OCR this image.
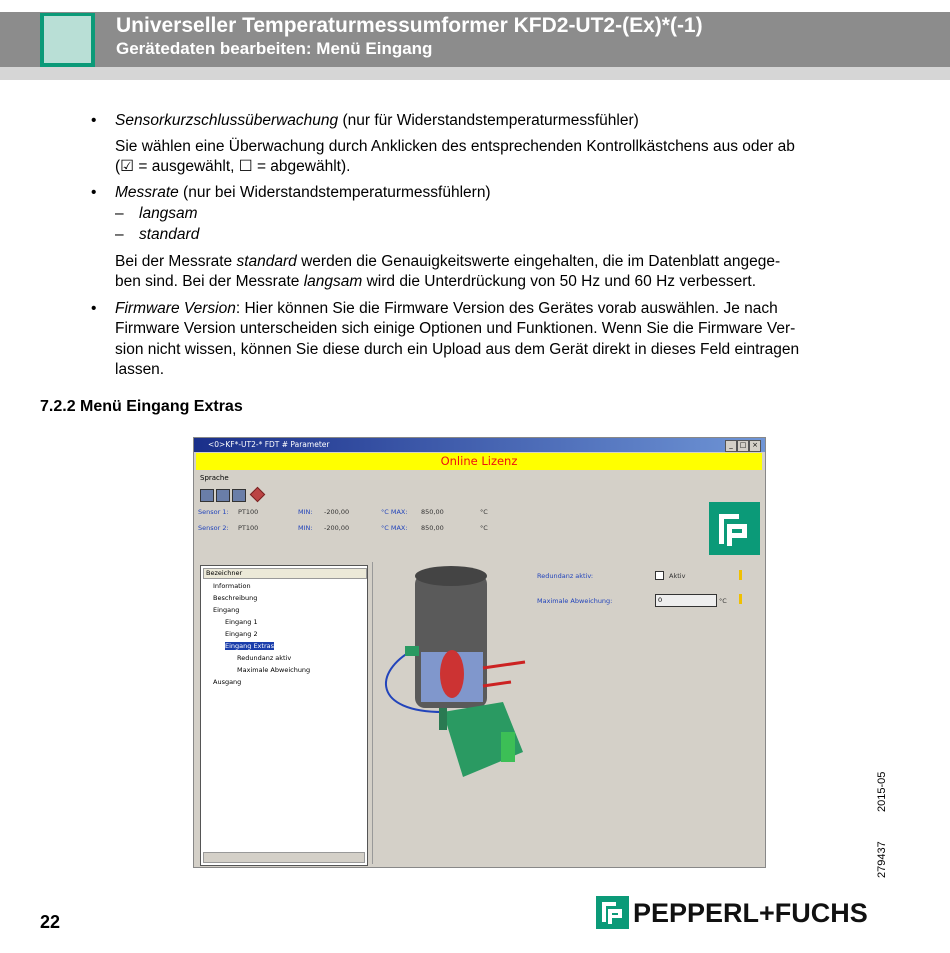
Universeller Temperaturmessumformer KFD2-UT2-(Ex)*(-1)
Gerätedaten bearbeiten: Menü Eingang
• Sensorkurzschlussüberwachung (nur für Widerstandstemperaturmessfühler)
Sie wählen eine Überwachung durch Anklicken des entsprechenden Kontrollkästchens aus oder ab
(☑ = ausgewählt, ☐ = abgewählt).
• Messrate (nur bei Widerstandstemperaturmessfühlern)
– langsam
– standard
Bei der Messrate standard werden die Genauigkeitswerte eingehalten, die im Datenblatt angege-
ben sind. Bei der Messrate langsam wird die Unterdrückung von 50 Hz und 60 Hz verbessert.
• Firmware Version: Hier können Sie die Firmware Version des Gerätes vorab auswählen. Je nach
Firmware Version unterscheiden sich einige Optionen und Funktionen. Wenn Sie die Firmware Ver-
sion nicht wissen, können Sie diese durch ein Upload aus dem Gerät direkt in dieses Feld eintragen
lassen.
7.2.2 Menü Eingang Extras
<0>KF*-UT2-* FDT # Parameter	_ □ ×
Online Lizenz
Sprache
Sensor 1: PT100	MIN: -200,00	°C MAX: 850,00	°C
Sensor 2: PT100	MIN: -200,00	°C MAX: 850,00	°C
Bezeichner
Information
Beschreibung
Eingang
Eingang 1
Eingang 2
Eingang Extras
Redundanz aktiv
Maximale Abweichung
Ausgang
Redundanz aktiv:	Aktiv
Maximale Abweichung:	0	°C
22
2015-05
279437
PEPPERL+FUCHS
